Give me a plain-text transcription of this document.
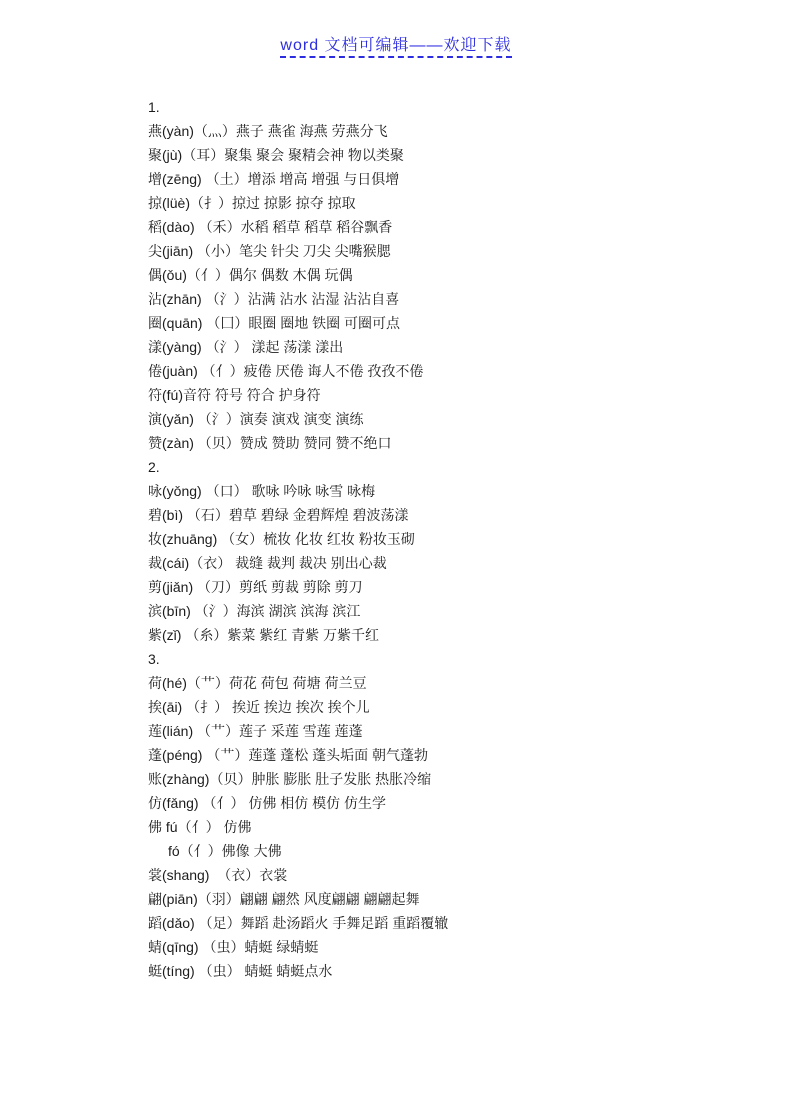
word 文档可编辑——欢迎下载
1.
燕(yàn)（灬）燕子 燕雀 海燕 劳燕分飞
聚(jù)（耳）聚集 聚会 聚精会神 物以类聚
增(zēng) （土）增添 增高 增强 与日俱增
掠(lüè)（扌）掠过 掠影 掠夺 掠取
稻(dào) （禾）水稻 稻草 稻草 稻谷飘香
尖(jiān) （小）笔尖 针尖 刀尖 尖嘴猴腮
偶(ǒu)（亻）偶尔 偶数 木偶 玩偶
沾(zhān) （氵）沾满 沾水 沾湿 沾沾自喜
圈(quān) （囗）眼圈 圈地 铁圈 可圈可点
漾(yàng) （氵） 漾起 荡漾 漾出
倦(juàn) （亻）疲倦 厌倦 诲人不倦 孜孜不倦
符(fú)音符 符号 符合 护身符
演(yǎn) （氵）演奏 演戏 演变 演练
赞(zàn) （贝）赞成 赞助 赞同 赞不绝口
2.
咏(yǒng) （口） 歌咏 吟咏 咏雪 咏梅
碧(bì) （石）碧草 碧绿 金碧辉煌 碧波荡漾
妆(zhuāng) （女）梳妆 化妆 红妆 粉妆玉砌
裁(cái)（衣） 裁缝 裁判 裁决 别出心裁
剪(jiǎn) （刀）剪纸 剪裁 剪除 剪刀
滨(bīn) （氵）海滨 湖滨 滨海 滨江
紫(zǐ) （糸）紫菜 紫红 青紫 万紫千红
3.
荷(hé)（艹）荷花 荷包 荷塘 荷兰豆
挨(āi) （扌） 挨近 挨边 挨次 挨个儿
莲(lián) （艹）莲子 采莲 雪莲 莲蓬
蓬(péng) （艹）莲蓬 蓬松 蓬头垢面 朝气蓬勃
账(zhàng)（贝）肿胀 膨胀 肚子发胀 热胀冷缩
仿(fǎng) （亻） 仿佛 相仿 模仿 仿生学
佛 fú（亻） 仿佛
fó（亻）佛像 大佛
裳(shang)  （衣）衣裳
翩(piān)（羽）翩翩 翩然 风度翩翩 翩翩起舞
蹈(dǎo) （足）舞蹈 赴汤蹈火 手舞足蹈 重蹈覆辙
蜻(qīng) （虫）蜻蜓 绿蜻蜓
蜓(tíng) （虫） 蜻蜓 蜻蜓点水
